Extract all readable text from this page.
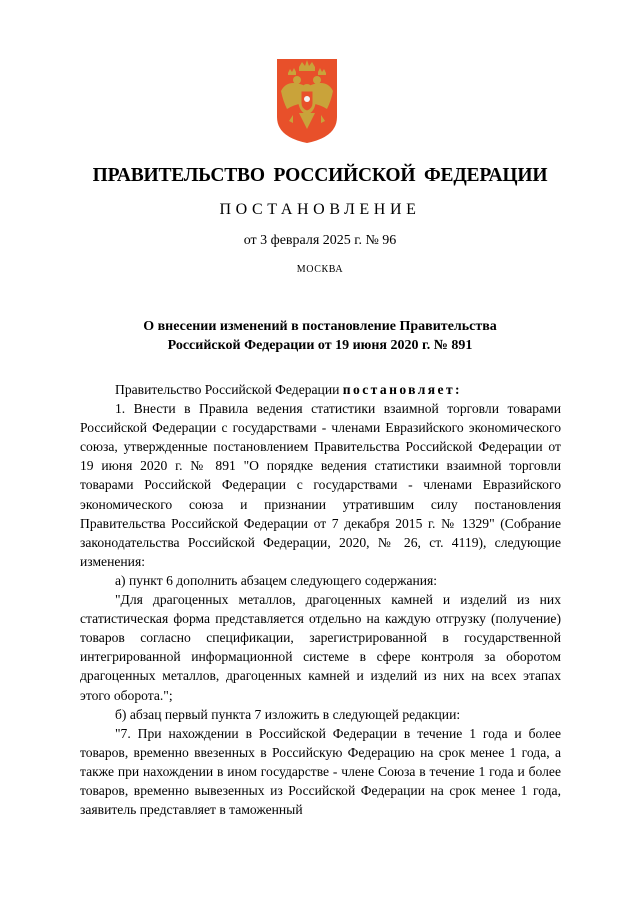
ПРАВИТЕЛЬСТВО РОССИЙСКОЙ ФЕДЕРАЦИИ
ПОСТАНОВЛЕНИЕ
от 3 февраля 2025 г. № 96
МОСКВА
О внесении изменений в постановление Правительства
Российской Федерации от 19 июня 2020 г. № 891

Правительство Российской Федерации постановляет:

1. Внести в Правила ведения статистики взаимной торговли товарами Российской Федерации с государствами - членами Евразийского экономического союза, утвержденные постановлением Правительства Российской Федерации от 19 июня 2020 г. № 891 "О порядке ведения статистики взаимной торговли товарами Российской Федерации с государствами - членами Евразийского экономического союза и признании утратившим силу постановления Правительства Российской Федерации от 7 декабря 2015 г. № 1329" (Собрание законодательства Российской Федерации, 2020, № 26, ст. 4119), следующие изменения:

а) пункт 6 дополнить абзацем следующего содержания:

"Для драгоценных металлов, драгоценных камней и изделий из них статистическая форма представляется отдельно на каждую отгрузку (получение) товаров согласно спецификации, зарегистрированной в государственной интегрированной информационной системе в сфере контроля за оборотом драгоценных металлов, драгоценных камней и изделий из них на всех этапах этого оборота.";

б) абзац первый пункта 7 изложить в следующей редакции:

"7. При нахождении в Российской Федерации в течение 1 года и более товаров, временно ввезенных в Российскую Федерацию на срок менее 1 года, а также при нахождении в ином государстве - члене Союза в течение 1 года и более товаров, временно вывезенных из Российской Федерации на срок менее 1 года, заявитель представляет в таможенный
